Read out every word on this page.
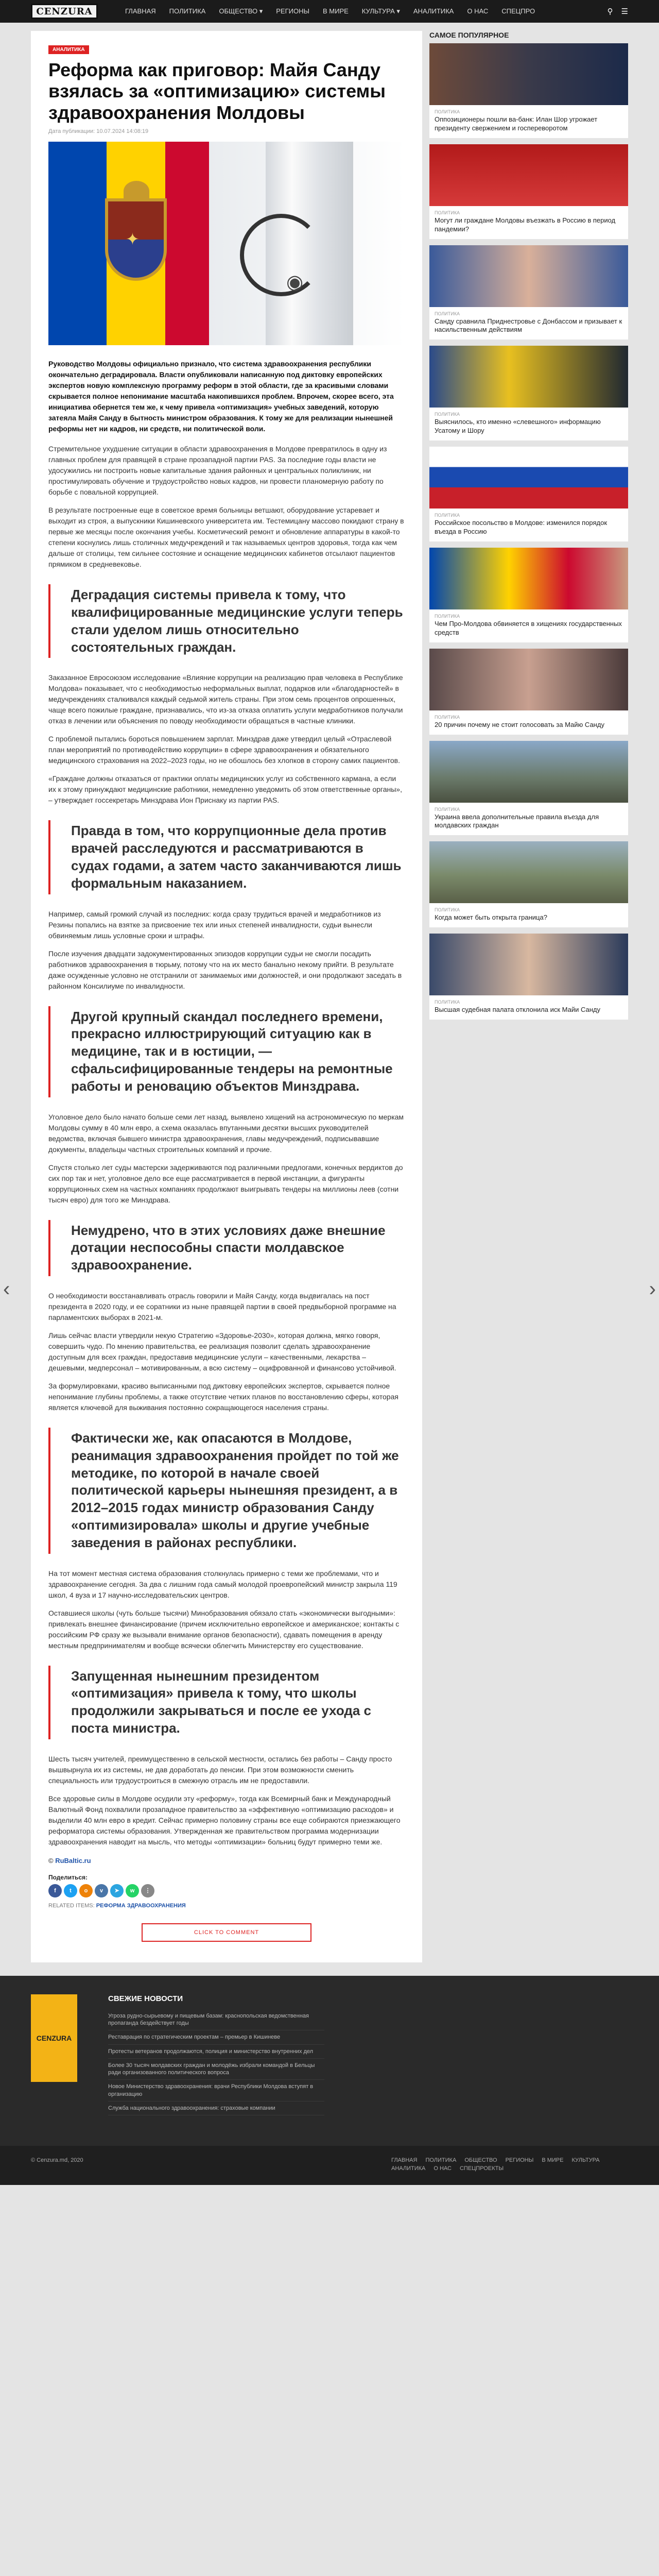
CENZURA	ГЛАВНАЯ	ПОЛИТИКА	ОБЩЕСТВО ▾	РЕГИОНЫ	В МИРЕ	КУЛЬТУРА ▾	АНАЛИТИКА	О НАС	СПЕЦПРО	⚲ ☰
‹	›
АНАЛИТИКА
Реформа как приговор: Майя Санду взялась за «оптимизацию» системы здравоохранения Молдовы
Дата публикации: 10.07.2024 14:08:19
✦
◉

Руководство Молдовы официально признало, что система здравоохранения республики окончательно деградировала. Власти опубликовали написанную под диктовку европейских экспертов новую комплексную программу реформ в этой области, где за красивыми словами скрывается полное непонимание масштаба накопившихся проблем. Впрочем, скорее всего, эта инициатива обернется тем же, к чему привела «оптимизация» учебных заведений, которую затеяла Майя Санду в бытность министром образования. К тому же для реализации нынешней реформы нет ни кадров, ни средств, ни политической воли.

Стремительное ухудшение ситуации в области здравоохранения в Молдове превратилось в одну из главных проблем для правящей в стране прозападной партии PAS. За последние годы власти не удосужились ни построить новые капитальные здания районных и центральных поликлиник, ни простимулировать обучение и трудоустройство новых кадров, ни провести планомерную работу по борьбе с повальной коррупцией.

В результате построенные еще в советское время больницы ветшают, оборудование устаревает и выходит из строя, а выпускники Кишиневского университета им. Тестемицану массово покидают страну в первые же месяцы после окончания учебы. Косметический ремонт и обновление аппаратуры в какой-то степени коснулись лишь столичных медучреждений и так называемых центров здоровья, тогда как чем дальше от столицы, тем сильнее состояние и оснащение медицинских кабинетов отсылают пациентов прямиком в средневековье.

Деградация системы привела к тому, что квалифицированные медицинские услуги теперь стали уделом лишь относительно состоятельных граждан.

Заказанное Евросоюзом исследование «Влияние коррупции на реализацию прав человека в Республике Молдова» показывает, что с необходимостью неформальных выплат, подарков или «благодарностей» в медучреждениях сталкивался каждый седьмой житель страны. При этом семь процентов опрошенных, чаще всего пожилые граждане, признавались, что из-за отказа оплатить услуги медработников получали отказ в лечении или объяснения по поводу необходимости обращаться в частные клиники.

С проблемой пытались бороться повышением зарплат. Минздрав даже утвердил целый «Отраслевой план мероприятий по противодействию коррупции» в сфере здравоохранения и обязательного медицинского страхования на 2022–2023 годы, но не обошлось без хлопков в сторону самих пациентов.

«Граждане должны отказаться от практики оплаты медицинских услуг из собственного кармана, а если их к этому принуждают медицинские работники, немедленно уведомить об этом ответственные органы», – утверждает госсекретарь Минздрава Ион Приснаку из партии PAS.

Правда в том, что коррупционные дела против врачей расследуются и рассматриваются в судах годами, а затем часто заканчиваются лишь формальным наказанием.

Например, самый громкий случай из последних: когда сразу трудиться врачей и медработников из Резины попались на взятке за присвоение тех или иных степеней инвалидности, судьи вынесли обвиняемым лишь условные сроки и штрафы.

После изучения двадцати задокументированных эпизодов коррупции судьи не смогли посадить работников здравоохранения в тюрьму, потому что на их место банально некому прийти. В результате даже осужденные условно не отстранили от занимаемых ими должностей, и они продолжают заседать в районном Консилиуме по инвалидности.

Другой крупный скандал последнего времени, прекрасно иллюстрирующий ситуацию как в медицине, так и в юстиции, — сфальсифицированные тендеры на ремонтные работы и реновацию объектов Минздрава.

Уголовное дело было начато больше семи лет назад, выявлено хищений на астрономическую по меркам Молдовы сумму в 40 млн евро, а схема оказалась впутанными десятки высших руководителей ведомства, включая бывшего министра здравоохранения, главы медучреждений, подписывавшие документы, владельцы частных строительных компаний и прочие.

Спустя столько лет суды мастерски задерживаются под различными предлогами, конечных вердиктов до сих пор так и нет, уголовное дело все еще рассматривается в первой инстанции, а фигуранты коррупционных схем на частных компаниях продолжают выигрывать тендеры на миллионы леев (сотни тысяч евро) для того же Минздрава.

Немудрено, что в этих условиях даже внешние дотации неспособны спасти молдавское здравоохранение.

О необходимости восстанавливать отрасль говорили и Майя Санду, когда выдвигалась на пост президента в 2020 году, и ее соратники из ныне правящей партии в своей предвыборной программе на парламентских выборах в 2021-м.

Лишь сейчас власти утвердили некую Стратегию «Здоровье-2030», которая должна, мягко говоря, совершить чудо. По мнению правительства, ее реализация позволит сделать здравоохранение доступным для всех граждан, предоставив медицинские услуги – качественными, лекарства – дешевыми, медперсонал – мотивированным, а всю систему – оцифрованной и финансово устойчивой.

За формулировками, красиво выписанными под диктовку европейских экспертов, скрывается полное непонимание глубины проблемы, а также отсутствие четких планов по восстановлению сферы, которая является ключевой для выживания постоянно сокращающегося населения страны.

Фактически же, как опасаются в Молдове, реанимация здравоохранения пройдет по той же методике, по которой в начале своей политической карьеры нынешняя президент, а в 2012–2015 годах министр образования Санду «оптимизировала» школы и другие учебные заведения в районах республики.

На тот момент местная система образования столкнулась примерно с теми же проблемами, что и здравоохранение сегодня. За два с лишним года самый молодой проевропейский министр закрыла 119 школ, 4 вуза и 17 научно-исследовательских центров.

Оставшиеся школы (чуть больше тысячи) Минобразования обязало стать «экономически выгодными»: привлекать внешнее финансирование (причем исключительно европейское и американское; контакты с российским РФ сразу же вызывали внимание органов безопасности), сдавать помещения в аренду местным предпринимателям и вообще всячески облегчить Министерству его существование.

Запущенная нынешним президентом «оптимизация» привела к тому, что школы продолжили закрываться и после ее ухода с поста министра.

Шесть тысяч учителей, преимущественно в сельской местности, остались без работы – Санду просто вышвырнула их из системы, не дав доработать до пенсии. При этом возможности сменить специальность или трудоустроиться в смежную отрасль им не предоставили.

Все здоровые силы в Молдове осудили эту «реформу», тогда как Всемирный банк и Международный Валютный Фонд похвалили прозападное правительство за «эффективную «оптимизацию расходов» и выделили 40 млн евро в кредит. Сейчас примерно половину страны все еще собираются приезжающего реформатора системы образования. Утвержденная же правительством программа модернизации здравоохранения наводит на мысль, что методы «оптимизации» больниц будут примерно теми же.

© RuBaltic.ru
Поделиться:
f	t	o	v	➤	w	⋮
RELATED ITEMS: РЕФОРМА ЗДРАВООХРАНЕНИЯ
CLICK TO COMMENT
САМОЕ ПОПУЛЯРНОЕ
ПОЛИТИКА
Оппозиционеры пошли ва-банк: Илан Шор угрожает президенту свержением и госпереворотом
ПОЛИТИКА
Могут ли граждане Молдовы въезжать в Россию в период пандемии?
ПОЛИТИКА
Санду сравнила Приднестровье с Донбассом и призывает к насильственным действиям
ПОЛИТИКА
Выяснилось, кто именно «слевешного» информацию Усатому и Шору
ПОЛИТИКА
Российское посольство в Молдове: изменился порядок въезда в Россию
ПОЛИТИКА
Чем Про-Молдова обвиняется в хищениях государственных средств
ПОЛИТИКА
20 причин почему не стоит голосовать за Майю Санду
ПОЛИТИКА
Украина ввела дополнительные правила въезда для молдавских граждан
ПОЛИТИКА
Когда может быть открыта граница?
ПОЛИТИКА
Высшая судебная палата отклонила иск Майи Санду
CENZURA
СВЕЖИЕ НОВОСТИ
Угроза рудно-сырьевому и пищевым базам: краснопольская ведомственная пропаганда бездействует годы
Реставрация по стратегическим проектам – премьер в Кишиневе
Протесты ветеранов продолжаются, полиция и министерство внутренних дел
Более 30 тысяч молдавских граждан и молодёжь избрали командой в Бельцы ради организованного политического вопроса
Новое Министерство здравоохранения: врачи Республики Молдова вступят в организацию
Служба национального здравоохранения: страховые компании
© Cenzura.md, 2020	ГЛАВНАЯ ПОЛИТИКА ОБЩЕСТВО РЕГИОНЫ В МИРЕ КУЛЬТУРА
АНАЛИТИКА О НАС СПЕЦПРОЕКТЫ
